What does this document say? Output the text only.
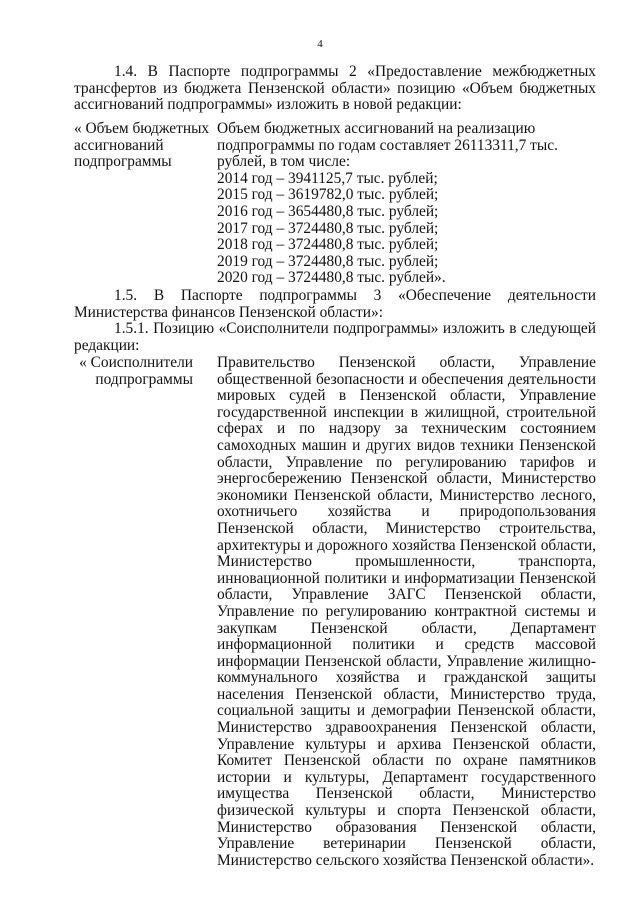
4
1.4. В Паспорте подпрограммы 2 «Предоставление межбюджетных трансфертов из бюджета Пензенской области» позицию «Объем бюджетных ассигнований подпрограммы» изложить в новой редакции:
« Объем бюджетных
ассигнований
подпрограммы
Объем бюджетных ассигнований на реализацию подпрограммы по годам составляет 26113311,7 тыс. рублей, в том числе:
2014 год – 3941125,7 тыс. рублей;
2015 год – 3619782,0 тыс. рублей;
2016 год – 3654480,8 тыс. рублей;
2017 год – 3724480,8 тыс. рублей;
2018 год – 3724480,8 тыс. рублей;
2019 год – 3724480,8 тыс. рублей;
2020 год – 3724480,8 тыс. рублей».
1.5. В Паспорте подпрограммы 3 «Обеспечение деятельности Министерства финансов Пензенской области»:
1.5.1. Позицию «Соисполнители подпрограммы» изложить в следующей редакции:
« Соисполнители
подпрограммы
Правительство Пензенской области, Управление общественной безопасности и обеспечения деятельности мировых судей в Пензенской области, Управление государственной инспекции в жилищной, строительной сферах и по надзору за техническим состоянием самоходных машин и других видов техники Пензенской области, Управление по регулированию тарифов и энергосбережению Пензенской области, Министерство экономики Пензенской области, Министерство лесного, охотничьего хозяйства и природопользования Пензенской области, Министерство строительства, архитектуры и дорожного хозяйства Пензенской области, Министерство промышленности, транспорта, инновационной политики и информатизации Пензенской области, Управление ЗАГС Пензенской области, Управление по регулированию контрактной системы и закупкам Пензенской области, Департамент информационной политики и средств массовой информации Пензенской области, Управление жилищно-коммунального хозяйства и гражданской защиты населения Пензенской области, Министерство труда, социальной защиты и демографии Пензенской области, Министерство здравоохранения Пензенской области, Управление культуры и архива Пензенской области, Комитет Пензенской области по охране памятников истории и культуры, Департамент государственного имущества Пензенской области, Министерство физической культуры и спорта Пензенской области, Министерство образования Пензенской области, Управление ветеринарии Пензенской области, Министерство сельского хозяйства Пензенской области».
